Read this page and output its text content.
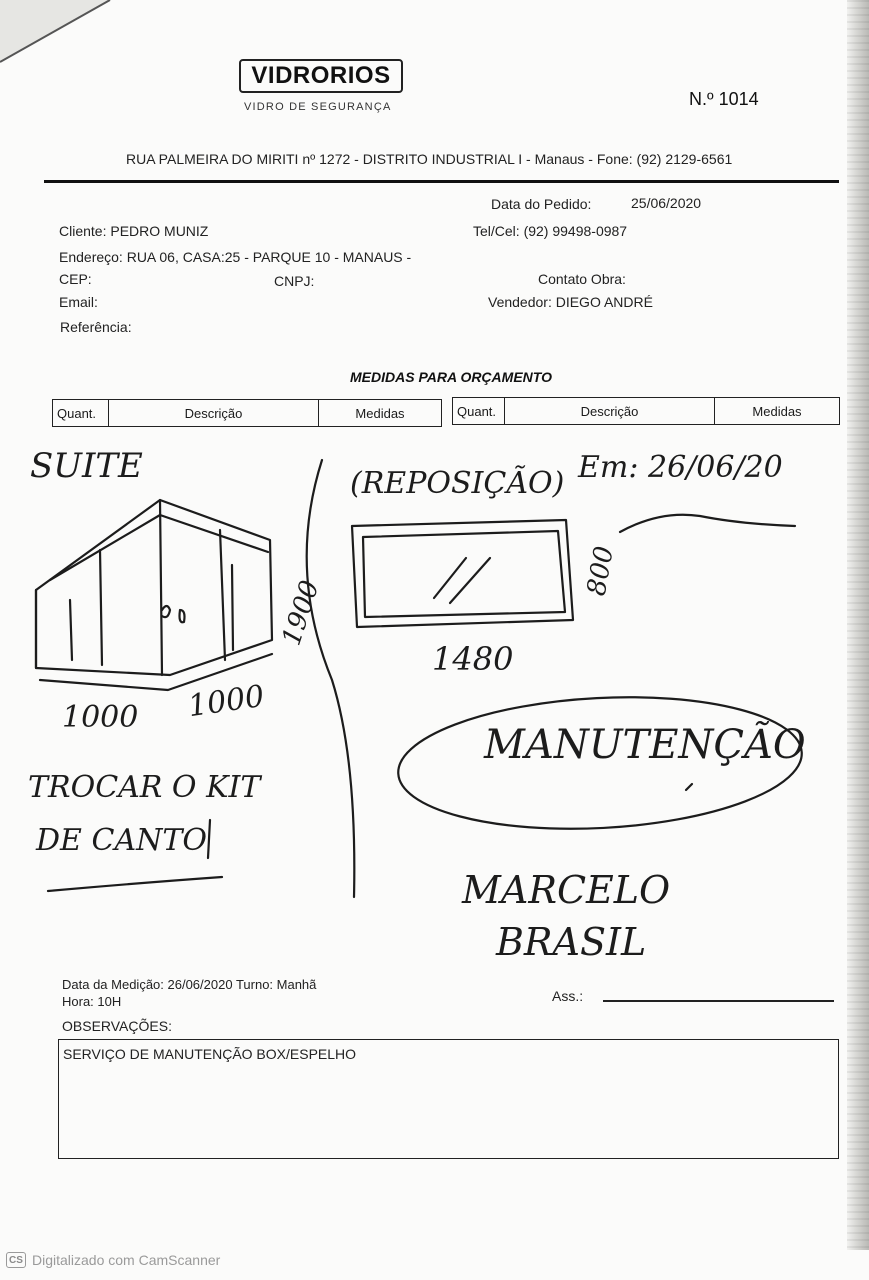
VIDRORIOS
VIDRO DE SEGURANÇA	N.º 1014
RUA PALMEIRA DO MIRITI nº 1272 - DISTRITO INDUSTRIAL I - Manaus - Fone: (92) 2129-6561
Data do Pedido:	25/06/2020
Cliente: PEDRO MUNIZ	Tel/Cel: (92) 99498-0987
Endereço: RUA 06, CASA:25 - PARQUE 10 - MANAUS -
CEP:	CNPJ:	Contato Obra:
Email:	Vendedor: DIEGO ANDRÉ
Referência:
MEDIDAS PARA ORÇAMENTO
Quant.	Descrição	Medidas	Quant.	Descrição	Medidas
SUITE	(REPOSIÇÃO) Em: 26/06/20
1900
800
1480
1000 1000
TROCAR O KIT
DE CANTO
MANUTENÇÃO
MARCELO
BRASIL
Data da Medição: 26/06/2020 Turno: Manhã
Hora: 10H	Ass.:
OBSERVAÇÕES:
SERVIÇO DE MANUTENÇÃO BOX/ESPELHO
CS Digitalizado com CamScanner
